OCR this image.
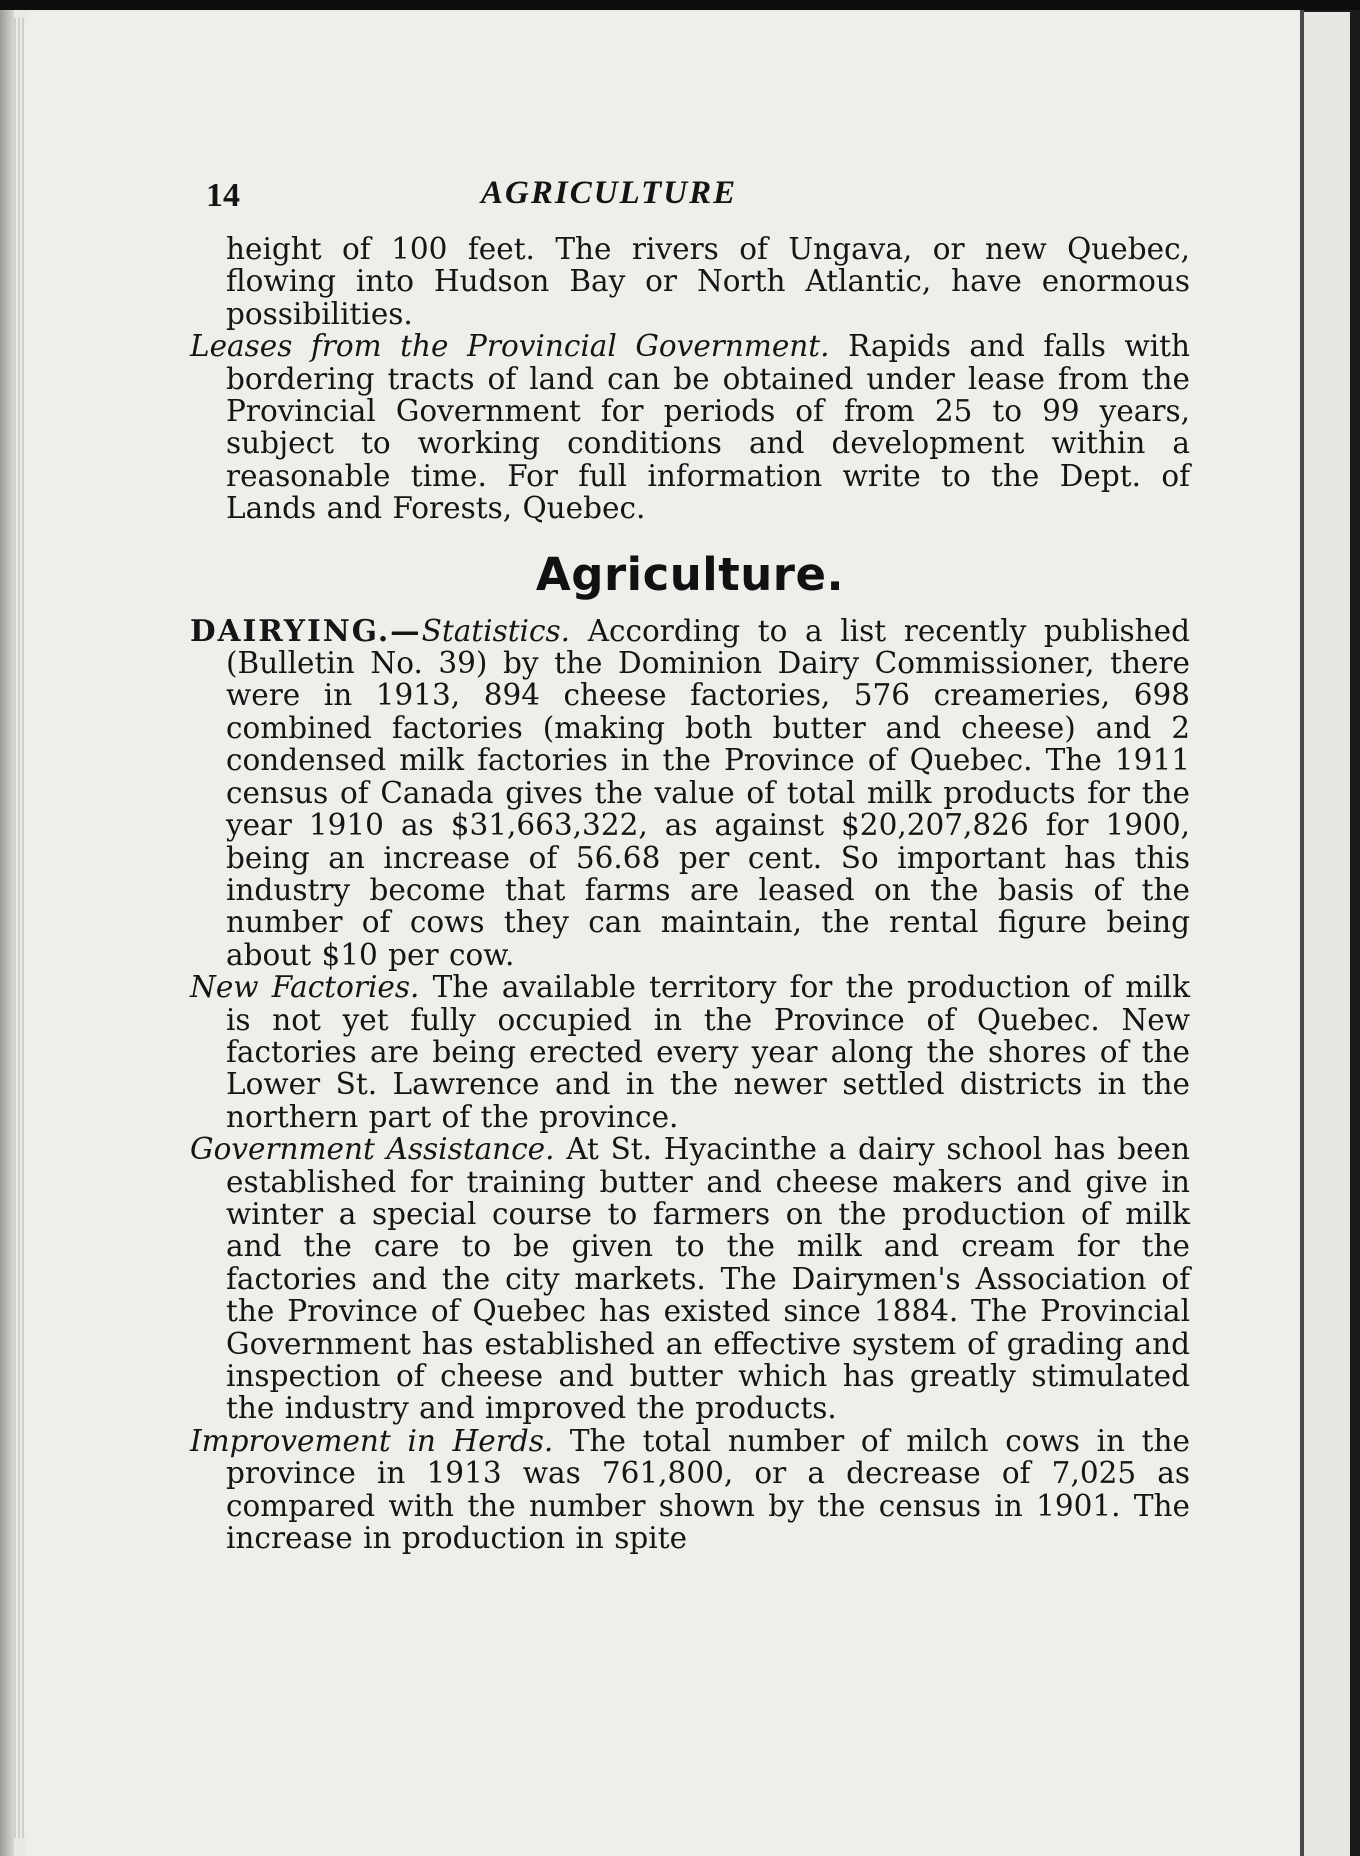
14	AGRICULTURE

height of 100 feet. The rivers of Ungava, or new Quebec, flowing into Hudson Bay or North Atlantic, have enormous possibilities.

Leases from the Provincial Government. Rapids and falls with bordering tracts of land can be obtained under lease from the Provincial Government for periods of from 25 to 99 years, subject to working conditions and development within a reasonable time. For full information write to the Dept. of Lands and Forests, Quebec.

Agriculture.

DAIRYING.—Statistics. According to a list recently published (Bulletin No. 39) by the Dominion Dairy Commissioner, there were in 1913, 894 cheese factories, 576 creameries, 698 combined factories (making both butter and cheese) and 2 condensed milk factories in the Province of Quebec. The 1911 census of Canada gives the value of total milk products for the year 1910 as $31,663,322, as against $20,207,826 for 1900, being an increase of 56.68 per cent. So important has this industry become that farms are leased on the basis of the number of cows they can maintain, the rental figure being about $10 per cow.

New Factories. The available territory for the production of milk is not yet fully occupied in the Province of Quebec. New factories are being erected every year along the shores of the Lower St. Lawrence and in the newer settled districts in the northern part of the province.

Government Assistance. At St. Hyacinthe a dairy school has been established for training butter and cheese makers and give in winter a special course to farmers on the production of milk and the care to be given to the milk and cream for the factories and the city markets. The Dairymen's Association of the Province of Quebec has existed since 1884. The Provincial Government has established an effective system of grading and inspection of cheese and butter which has greatly stimulated the industry and improved the products.

Improvement in Herds. The total number of milch cows in the province in 1913 was 761,800, or a decrease of 7,025 as compared with the number shown by the census in 1901. The increase in production in spite
